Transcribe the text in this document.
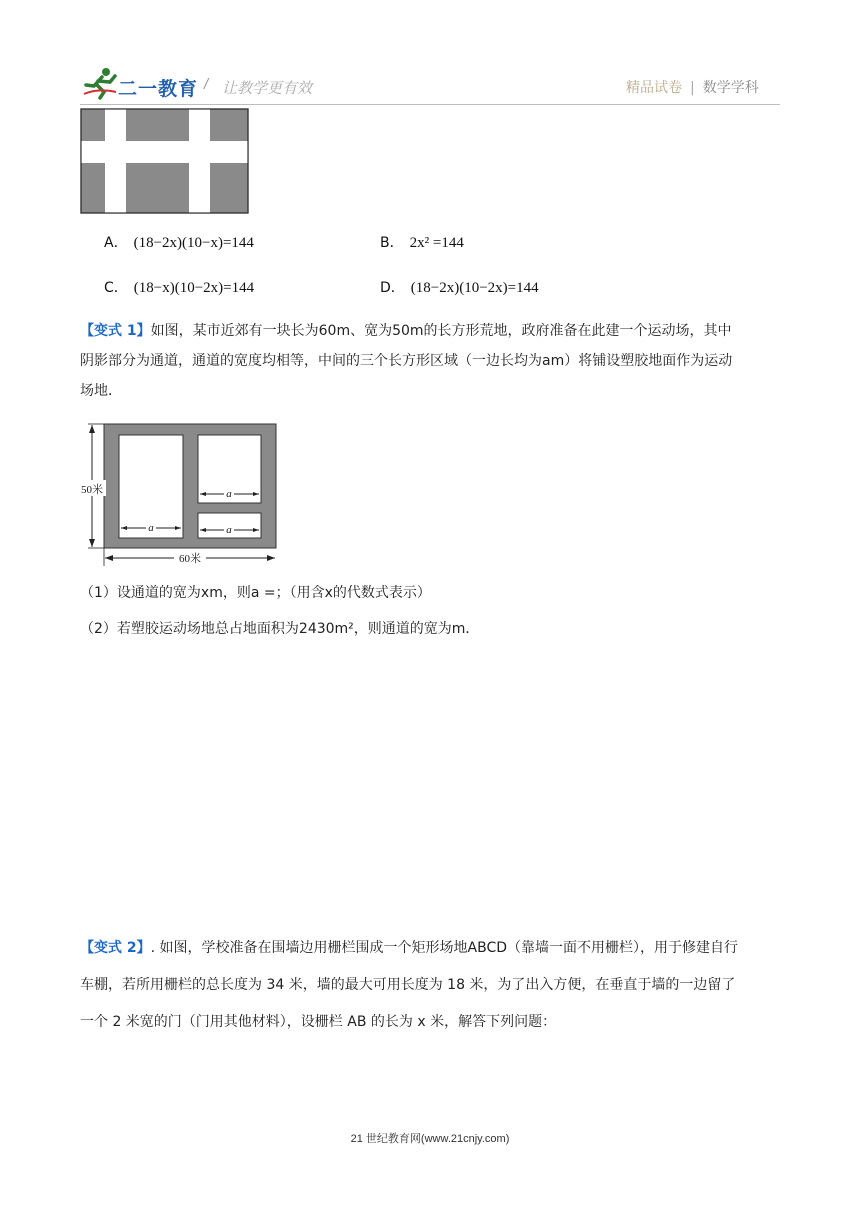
二一教育 / 让教学更有效	精品试卷 | 数学学科
A． (18−2x)(10−x)=144	B． 2x² =144
C． (18−x)(10−2x)=144	D． (18−2x)(10−2x)=144
【变式 1】如图，某市近郊有一块长为60m、宽为50m的长方形荒地，政府准备在此建一个运动场，其中
阴影部分为通道，通道的宽度均相等，中间的三个长方形区域（一边长均为am）将铺设塑胶地面作为运动
场地．
50米
60米
a
a
a
（1）设通道的宽为xm，则a =；（用含x的代数式表示）
（2）若塑胶运动场地总占地面积为2430m²，则通道的宽为m．
【变式 2】. 如图，学校准备在围墙边用栅栏围成一个矩形场地ABCD（靠墙一面不用栅栏），用于修建自行
车棚，若所用栅栏的总长度为 34 米，墙的最大可用长度为 18 米，为了出入方便，在垂直于墙的一边留了
一个 2 米宽的门（门用其他材料），设栅栏 AB 的长为 x 米，解答下列问题：
21 世纪教育网(www.21cnjy.com)
